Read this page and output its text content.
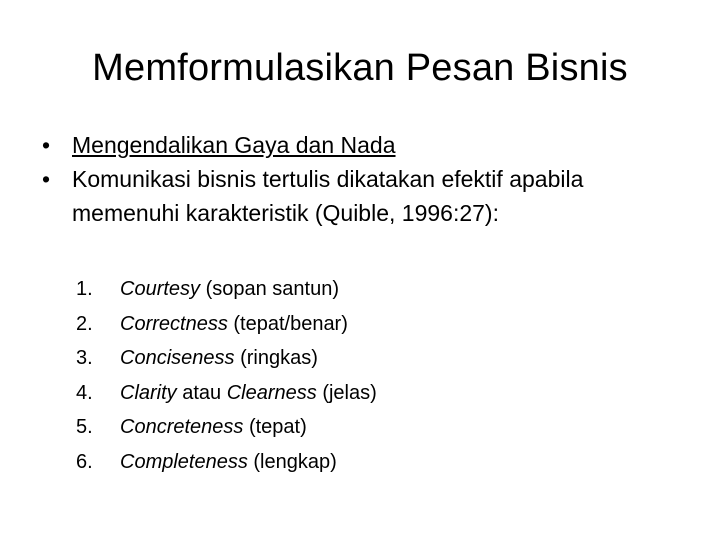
Memformulasikan Pesan Bisnis
• Mengendalikan Gaya dan Nada
• Komunikasi bisnis tertulis dikatakan efektif apabila memenuhi karakteristik (Quible, 1996:27):
1.	Courtesy (sopan santun)
2.	Correctness (tepat/benar)
3.	Conciseness (ringkas)
4.	Clarity atau Clearness (jelas)
5.	Concreteness (tepat)
6.	Completeness (lengkap)
